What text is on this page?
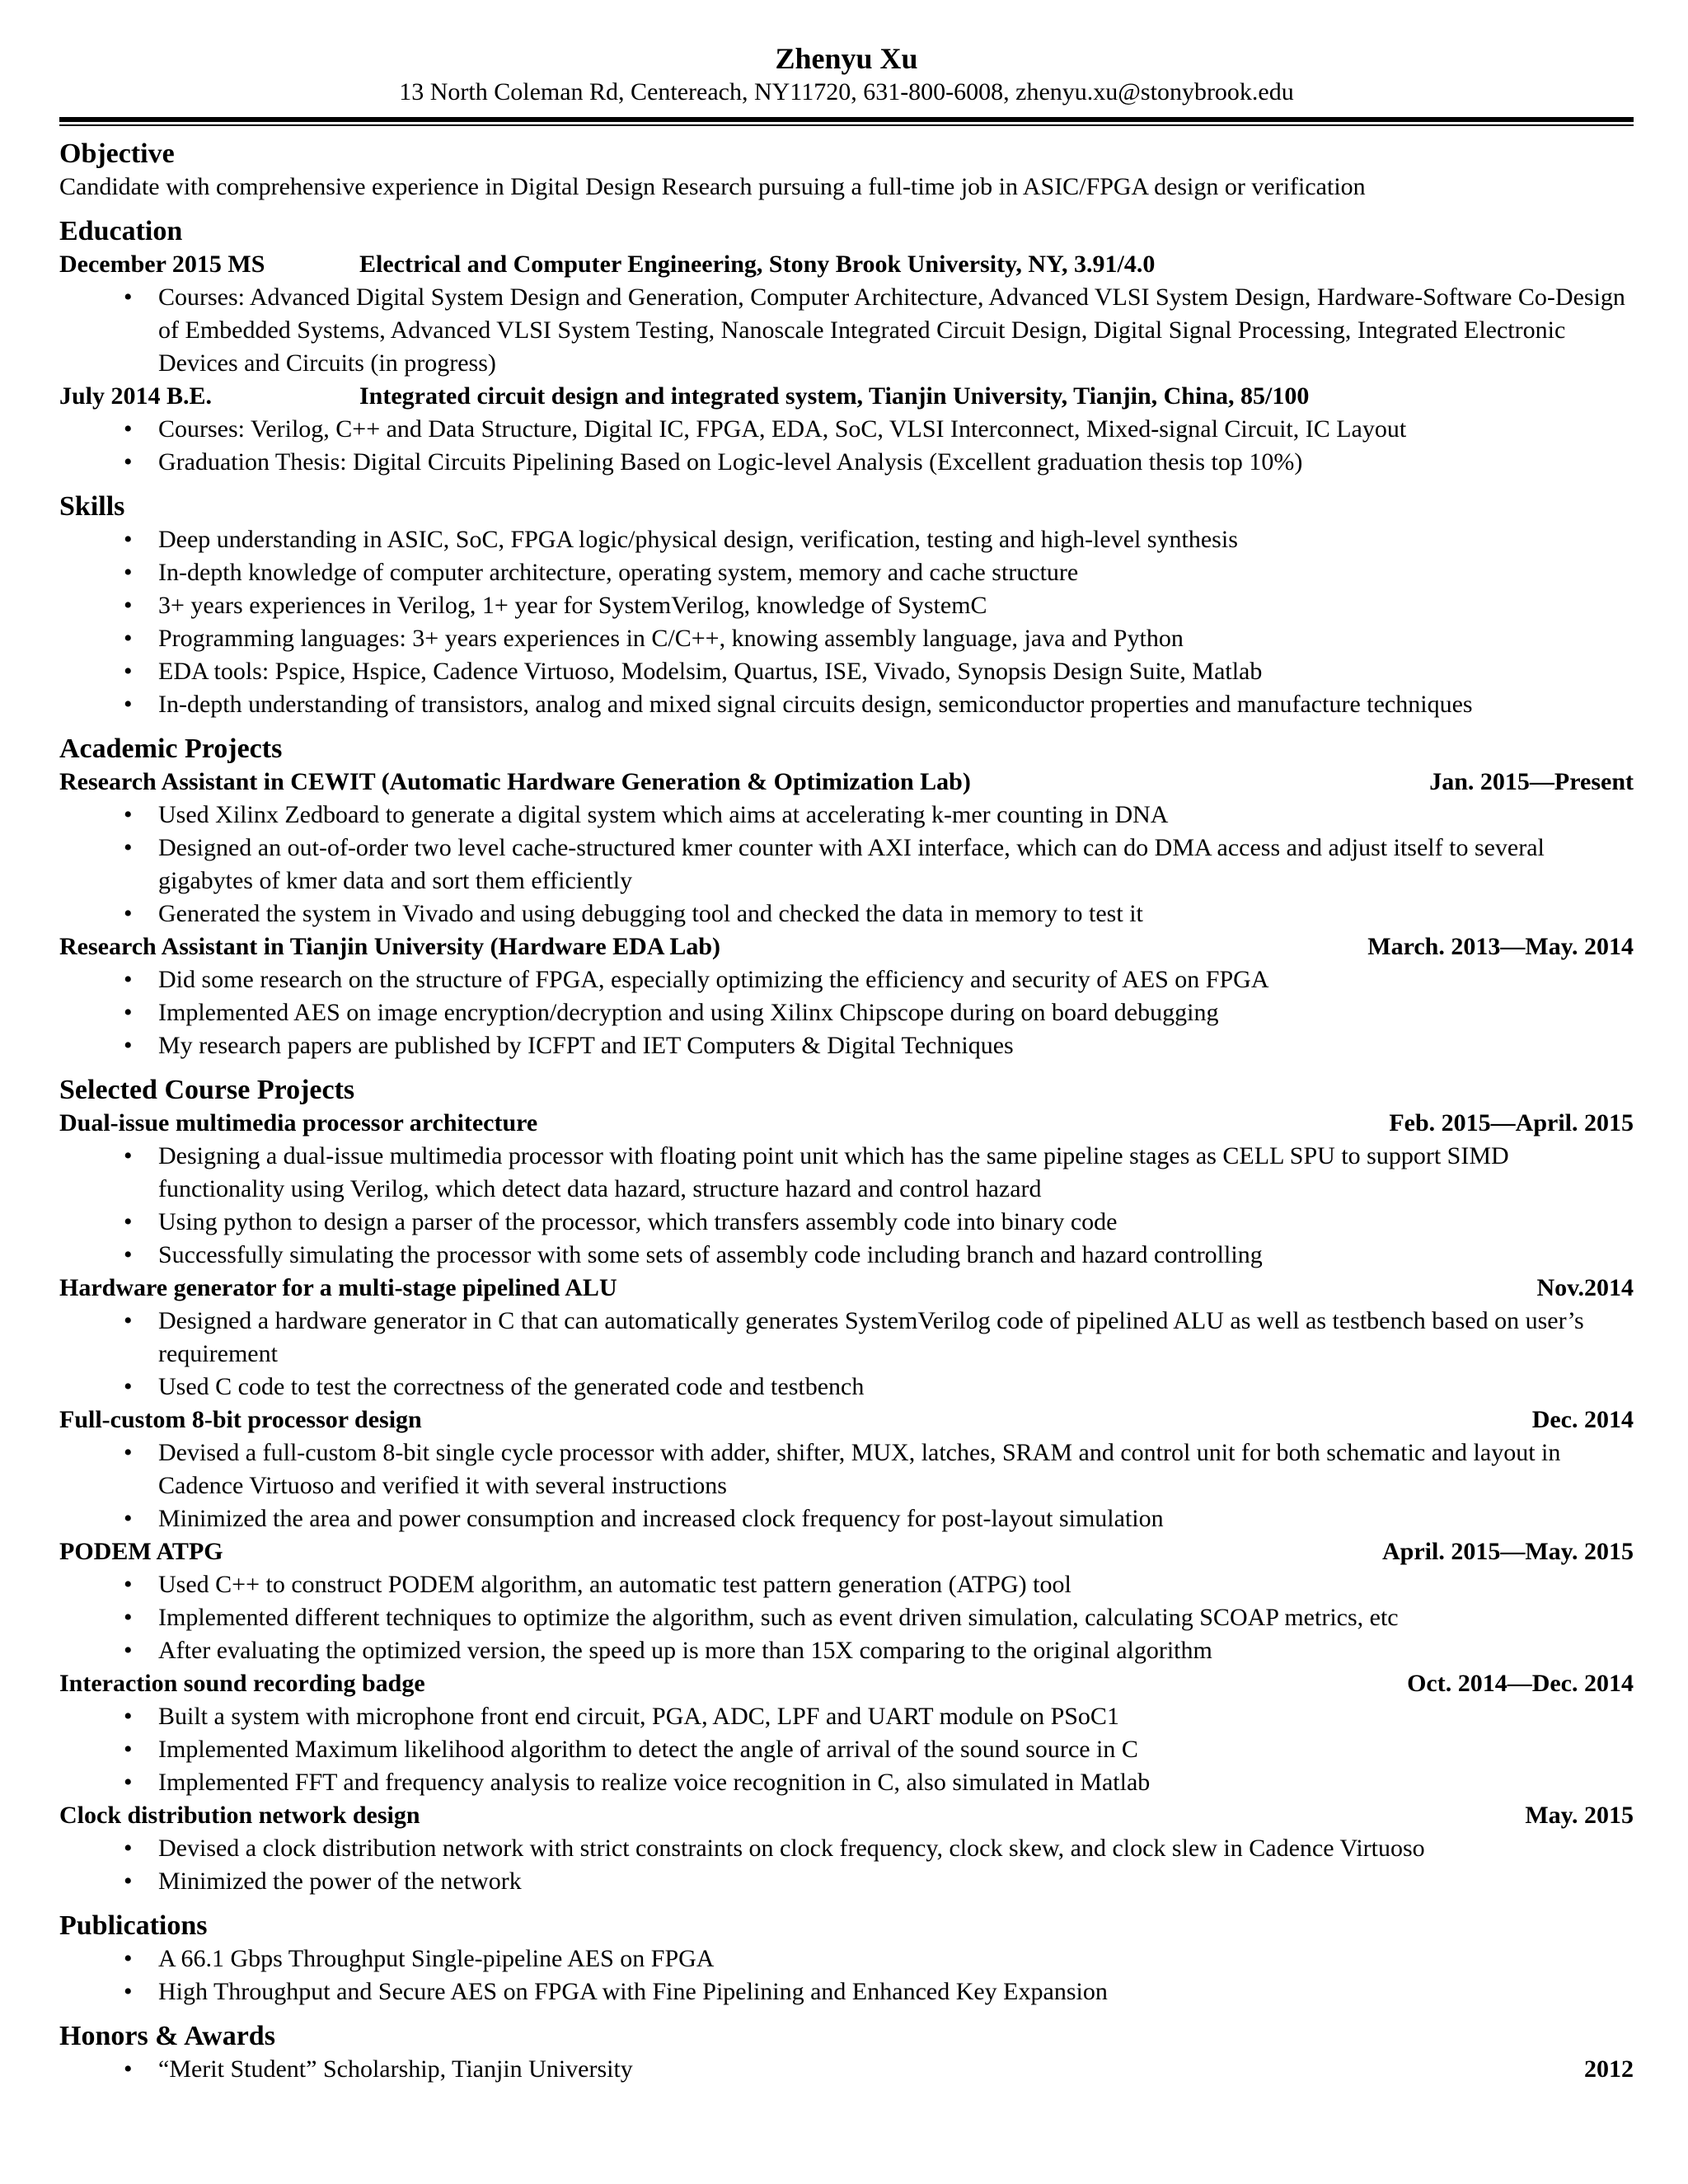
Zhenyu Xu
13 North Coleman Rd, Centereach, NY11720, 631-800-6008, zhenyu.xu@stonybrook.edu
Objective
Candidate with comprehensive experience in Digital Design Research pursuing a full-time job in ASIC/FPGA design or verification
Education
December 2015 MS	Electrical and Computer Engineering, Stony Brook University, NY, 3.91/4.0
• Courses: Advanced Digital System Design and Generation, Computer Architecture, Advanced VLSI System Design, Hardware-Software Co-Design of Embedded Systems, Advanced VLSI System Testing, Nanoscale Integrated Circuit Design, Digital Signal Processing, Integrated Electronic Devices and Circuits (in progress)
July 2014 B.E.	Integrated circuit design and integrated system, Tianjin University, Tianjin, China, 85/100
• Courses: Verilog, C++ and Data Structure, Digital IC, FPGA, EDA, SoC, VLSI Interconnect, Mixed-signal Circuit, IC Layout
• Graduation Thesis: Digital Circuits Pipelining Based on Logic-level Analysis (Excellent graduation thesis top 10%)
Skills
• Deep understanding in ASIC, SoC, FPGA logic/physical design, verification, testing and high-level synthesis
• In-depth knowledge of computer architecture, operating system, memory and cache structure
• 3+ years experiences in Verilog, 1+ year for SystemVerilog, knowledge of SystemC
• Programming languages: 3+ years experiences in C/C++, knowing assembly language, java and Python
• EDA tools: Pspice, Hspice, Cadence Virtuoso, Modelsim, Quartus, ISE, Vivado, Synopsis Design Suite, Matlab
• In-depth understanding of transistors, analog and mixed signal circuits design, semiconductor properties and manufacture techniques
Academic Projects
Research Assistant in CEWIT (Automatic Hardware Generation & Optimization Lab)	Jan. 2015—Present
• Used Xilinx Zedboard to generate a digital system which aims at accelerating k-mer counting in DNA
• Designed an out-of-order two level cache-structured kmer counter with AXI interface, which can do DMA access and adjust itself to several gigabytes of kmer data and sort them efficiently
• Generated the system in Vivado and using debugging tool and checked the data in memory to test it
Research Assistant in Tianjin University (Hardware EDA Lab)	March. 2013—May. 2014
• Did some research on the structure of FPGA, especially optimizing the efficiency and security of AES on FPGA
• Implemented AES on image encryption/decryption and using Xilinx Chipscope during on board debugging
• My research papers are published by ICFPT and IET Computers & Digital Techniques
Selected Course Projects
Dual-issue multimedia processor architecture	Feb. 2015—April. 2015
• Designing a dual-issue multimedia processor with floating point unit which has the same pipeline stages as CELL SPU to support SIMD functionality using Verilog, which detect data hazard, structure hazard and control hazard
• Using python to design a parser of the processor, which transfers assembly code into binary code
• Successfully simulating the processor with some sets of assembly code including branch and hazard controlling
Hardware generator for a multi-stage pipelined ALU	Nov.2014
• Designed a hardware generator in C that can automatically generates SystemVerilog code of pipelined ALU as well as testbench based on user’s requirement
• Used C code to test the correctness of the generated code and testbench
Full-custom 8-bit processor design	Dec. 2014
• Devised a full-custom 8-bit single cycle processor with adder, shifter, MUX, latches, SRAM and control unit for both schematic and layout in Cadence Virtuoso and verified it with several instructions
• Minimized the area and power consumption and increased clock frequency for post-layout simulation
PODEM ATPG	April. 2015—May. 2015
• Used C++ to construct PODEM algorithm, an automatic test pattern generation (ATPG) tool
• Implemented different techniques to optimize the algorithm, such as event driven simulation, calculating SCOAP metrics, etc
• After evaluating the optimized version, the speed up is more than 15X comparing to the original algorithm
Interaction sound recording badge	Oct. 2014—Dec. 2014
• Built a system with microphone front end circuit, PGA, ADC, LPF and UART module on PSoC1
• Implemented Maximum likelihood algorithm to detect the angle of arrival of the sound source in C
• Implemented FFT and frequency analysis to realize voice recognition in C, also simulated in Matlab
Clock distribution network design	May. 2015
• Devised a clock distribution network with strict constraints on clock frequency, clock skew, and clock slew in Cadence Virtuoso
• Minimized the power of the network
Publications
• A 66.1 Gbps Throughput Single-pipeline AES on FPGA
• High Throughput and Secure AES on FPGA with Fine Pipelining and Enhanced Key Expansion
Honors & Awards
• “Merit Student” Scholarship, Tianjin University	2012
